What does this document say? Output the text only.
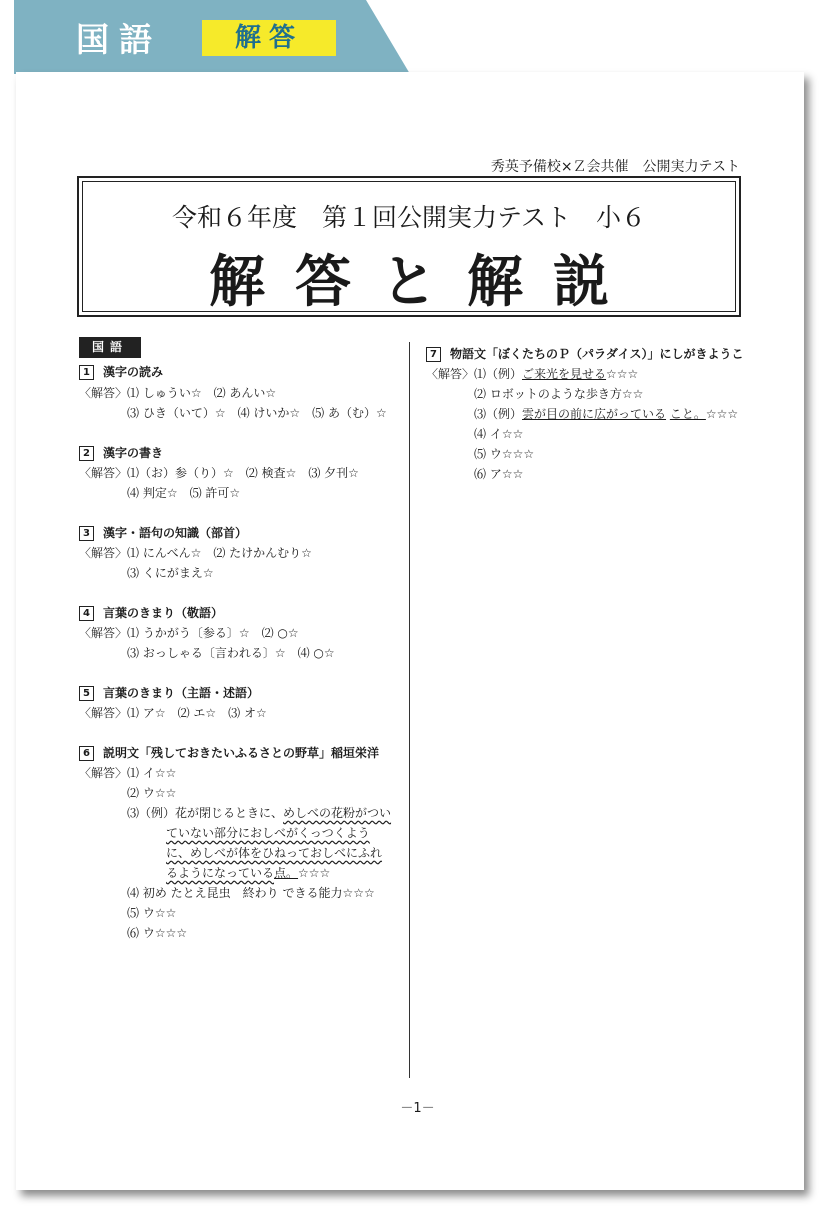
国語	解答
秀英予備校×Ｚ会共催　公開実力テスト
令和６年度　第１回公開実力テスト　小６
解答と解説
国語
1 漢字の読み
〈解答〉⑴ しゅうい☆　⑵ あんい☆
⑶ ひき（いて）☆　⑷ けいか☆　⑸ あ（む）☆
2 漢字の書き
〈解答〉⑴（お）参（り）☆　⑵ 検査☆　⑶ 夕刊☆
⑷ 判定☆　⑸ 許可☆
3 漢字・語句の知識（部首）
〈解答〉⑴ にんべん☆　⑵ たけかんむり☆
⑶ くにがまえ☆
4 言葉のきまり（敬語）
〈解答〉⑴ うかがう〔参る〕☆　⑵ ○☆
⑶ おっしゃる〔言われる〕☆　⑷ ○☆
5 言葉のきまり（主語・述語）
〈解答〉⑴ ア☆　⑵ エ☆　⑶ オ☆
6 説明文「残しておきたいふるさとの野草」稲垣栄洋
〈解答〉⑴ イ☆☆
⑵ ウ☆☆
⑶（例）花が閉じるときに、めしべの花粉がつい
ていない部分におしべがくっつくよう
に、めしべが体をひねっておしべにふれ
るようになっている点。☆☆☆
⑷ 初め たとえ昆虫　終わり できる能力☆☆☆
⑸ ウ☆☆
⑹ ウ☆☆☆
7 物語文「ぼくたちのＰ（パラダイス）」にしがきようこ
〈解答〉⑴（例）ご来光を見せる☆☆☆
⑵ ロボットのような歩き方☆☆
⑶（例）雲が目の前に広がっている こと。☆☆☆
⑷ イ☆☆
⑸ ウ☆☆☆
⑹ ア☆☆
－1－
